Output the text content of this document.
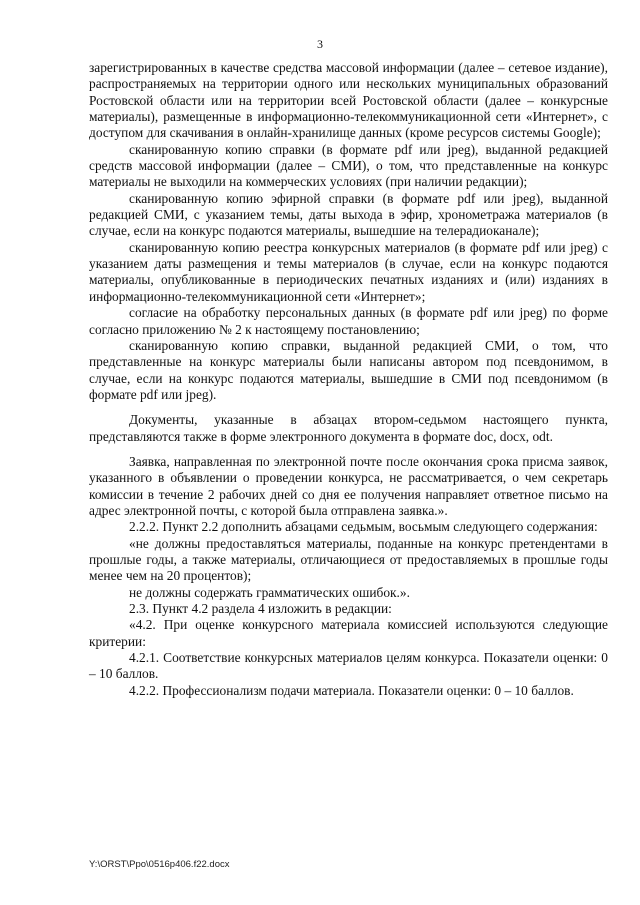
3

зарегистрированных в качестве средства массовой информации (далее – сетевое издание), распространяемых на территории одного или нескольких муниципальных образований Ростовской области или на территории всей Ростовской области (далее – конкурсные материалы), размещенные в информационно-телекоммуникационной сети «Интернет», с доступом для скачивания в онлайн-хранилище данных (кроме ресурсов системы Google);

сканированную копию справки (в формате pdf или jpeg), выданной редакцией средств массовой информации (далее – СМИ), о том, что представленные на конкурс материалы не выходили на коммерческих условиях (при наличии редакции);

сканированную копию эфирной справки (в формате pdf или jpeg), выданной редакцией СМИ, с указанием темы, даты выхода в эфир, хронометража материалов (в случае, если на конкурс подаются материалы, вышедшие на телерадиоканале);

сканированную копию реестра конкурсных материалов (в формате pdf или jpeg) с указанием даты размещения и темы материалов (в случае, если на конкурс подаются материалы, опубликованные в периодических печатных изданиях и (или) изданиях в информационно-телекоммуникационной сети «Интернет»;

согласие на обработку персональных данных (в формате pdf или jpeg) по форме согласно приложению № 2 к настоящему постановлению;

сканированную копию справки, выданной редакцией СМИ, о том, что представленные на конкурс материалы были написаны автором под псевдонимом, в случае, если на конкурс подаются материалы, вышедшие в СМИ под псевдонимом (в формате pdf или jpeg).

Документы, указанные в абзацах втором-седьмом настоящего пункта, представляются также в форме электронного документа в формате doc, docx, odt.

Заявка, направленная по электронной почте после окончания срока присма заявок, указанного в объявлении о проведении конкурса, не рассматривается, о чем секретарь комиссии в течение 2 рабочих дней со дня ее получения направляет ответное письмо на адрес электронной почты, с которой была отправлена заявка.».

2.2.2. Пункт 2.2 дополнить абзацами седьмым, восьмым следующего содержания:

«не должны предоставляться материалы, поданные на конкурс претендентами в прошлые годы, а также материалы, отличающиеся от предоставляемых в прошлые годы менее чем на 20 процентов);

не должны содержать грамматических ошибок.».

2.3. Пункт 4.2 раздела 4 изложить в редакции:

«4.2. При оценке конкурсного материала комиссией используются следующие критерии:

4.2.1. Соответствие конкурсных материалов целям конкурса. Показатели оценки: 0 – 10 баллов.

4.2.2. Профессионализм подачи материала. Показатели оценки: 0 – 10 баллов.

Y:\ORST\Ppo\0516p406.f22.docx
